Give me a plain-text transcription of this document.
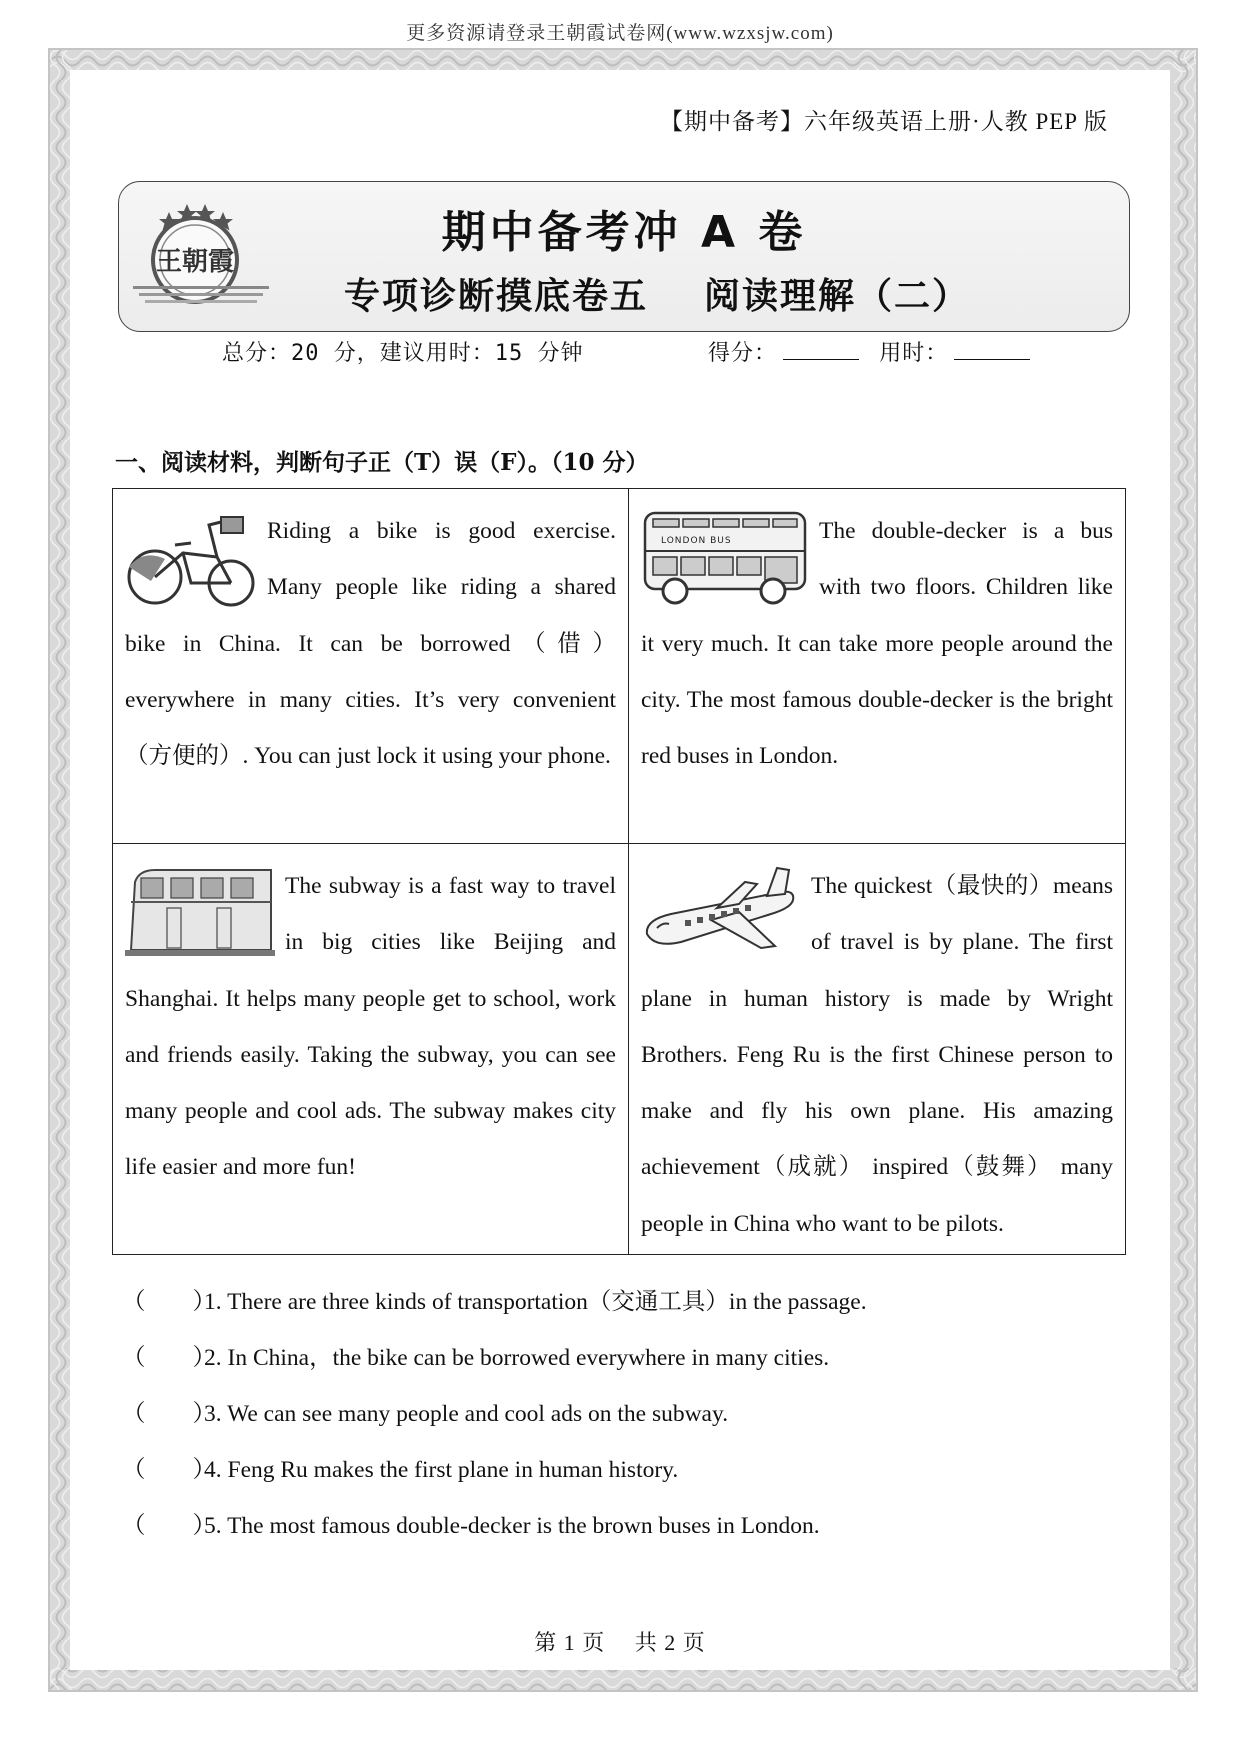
更多资源请登录王朝霞试卷网(www.wzxsjw.com)
【期中备考】六年级英语上册·人教 PEP 版
王朝霞
期中备考冲 A 卷
专项诊断摸底卷五 阅读理解（二）
总分：20 分，建议用时：15 分钟	得分：	用时：
一、阅读材料，判断句子正（T）误（F）。（10 分）

Riding a bike is good exercise. Many people like riding a shared bike in China. It can be borrowed（借）everywhere in many cities. It’s very convenient（方便的）. You can just lock it using your phone.

LONDON BUS	The double-decker is a bus with two floors. Children like it very much. It can take more people around the city. The most famous double-decker is the bright red buses in London.

The subway is a fast way to travel in big cities like Beijing and Shanghai. It helps many people get to school, work and friends easily. Taking the subway, you can see many people and cool ads. The subway makes city life easier and more fun!

The quickest（最快的）means of travel is by plane. The first plane in human history is made by Wright Brothers. Feng Ru is the first Chinese person to make and fly his own plane. His amazing achievement（成就） inspired（鼓舞） many people in China who want to be pilots.

（　　）1. There are three kinds of transportation（交通工具）in the passage.
（　　）2. In China，the bike can be borrowed everywhere in many cities.
（　　）3. We can see many people and cool ads on the subway.
（　　）4. Feng Ru makes the first plane in human history.
（　　）5. The most famous double-decker is the brown buses in London.
第 1 页　 共 2 页
